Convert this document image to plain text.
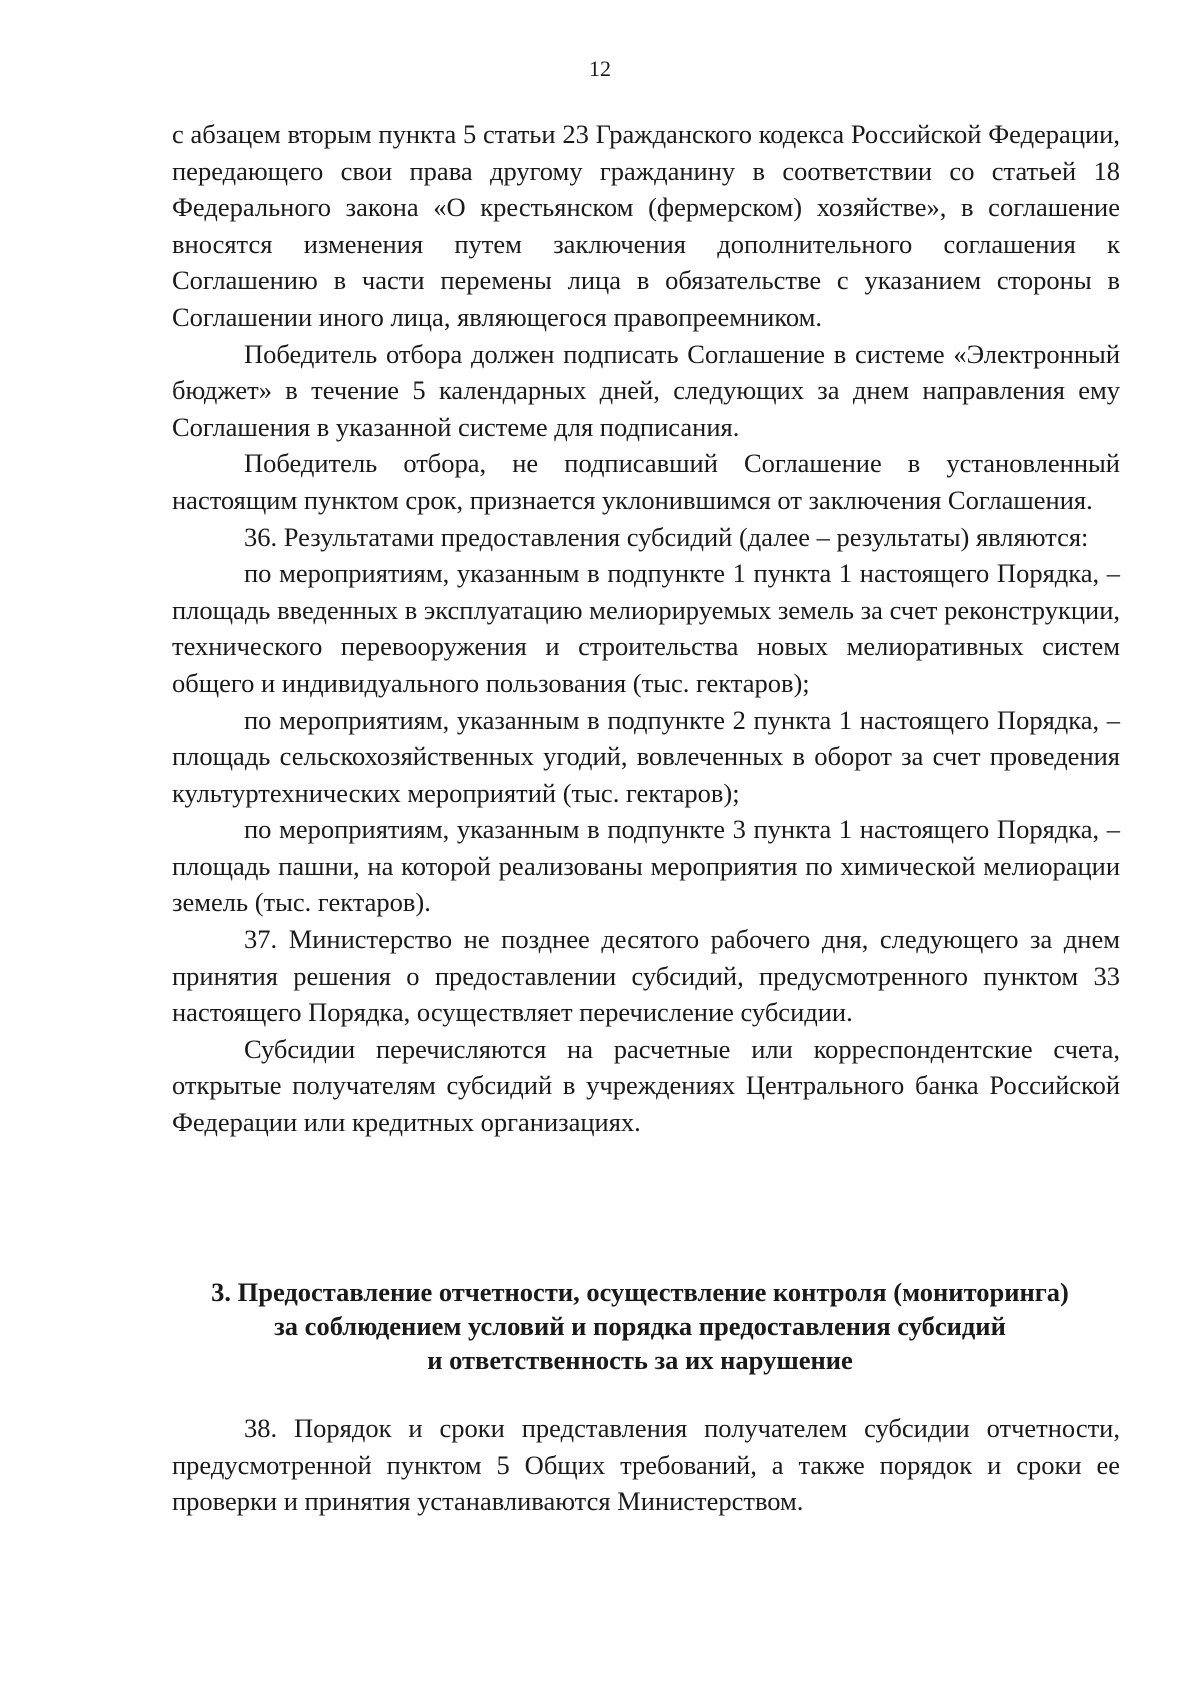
12

с абзацем вторым пункта 5 статьи 23 Гражданского кодекса Российской Федерации, передающего свои права другому гражданину в соответствии со статьей 18 Федерального закона «О крестьянском (фермерском) хозяйстве», в соглашение вносятся изменения путем заключения дополнительного соглашения к Соглашению в части перемены лица в обязательстве с указанием стороны в Соглашении иного лица, являющегося правопреемником.

Победитель отбора должен подписать Соглашение в системе «Электронный бюджет» в течение 5 календарных дней, следующих за днем направления ему Соглашения в указанной системе для подписания.

Победитель отбора, не подписавший Соглашение в установленный настоящим пунктом срок, признается уклонившимся от заключения Соглашения.

36. Результатами предоставления субсидий (далее – результаты) являются:

по мероприятиям, указанным в подпункте 1 пункта 1 настоящего Порядка, – площадь введенных в эксплуатацию мелиорируемых земель за счет реконструкции, технического перевооружения и строительства новых мелиоративных систем общего и индивидуального пользования (тыс. гектаров);

по мероприятиям, указанным в подпункте 2 пункта 1 настоящего Порядка, – площадь сельскохозяйственных угодий, вовлеченных в оборот за счет проведения культуртехнических мероприятий (тыс. гектаров);

по мероприятиям, указанным в подпункте 3 пункта 1 настоящего Порядка, – площадь пашни, на которой реализованы мероприятия по химической мелиорации земель (тыс. гектаров).

37. Министерство не позднее десятого рабочего дня, следующего за днем принятия решения о предоставлении субсидий, предусмотренного пунктом 33 настоящего Порядка, осуществляет перечисление субсидии.

Субсидии перечисляются на расчетные или корреспондентские счета, открытые получателям субсидий в учреждениях Центрального банка Российской Федерации или кредитных организациях.

3. Предоставление отчетности, осуществление контроля (мониторинга)
за соблюдением условий и порядка предоставления субсидий
и ответственность за их нарушение

38. Порядок и сроки представления получателем субсидии отчетности, предусмотренной пунктом 5 Общих требований, а также порядок и сроки ее проверки и принятия устанавливаются Министерством.
